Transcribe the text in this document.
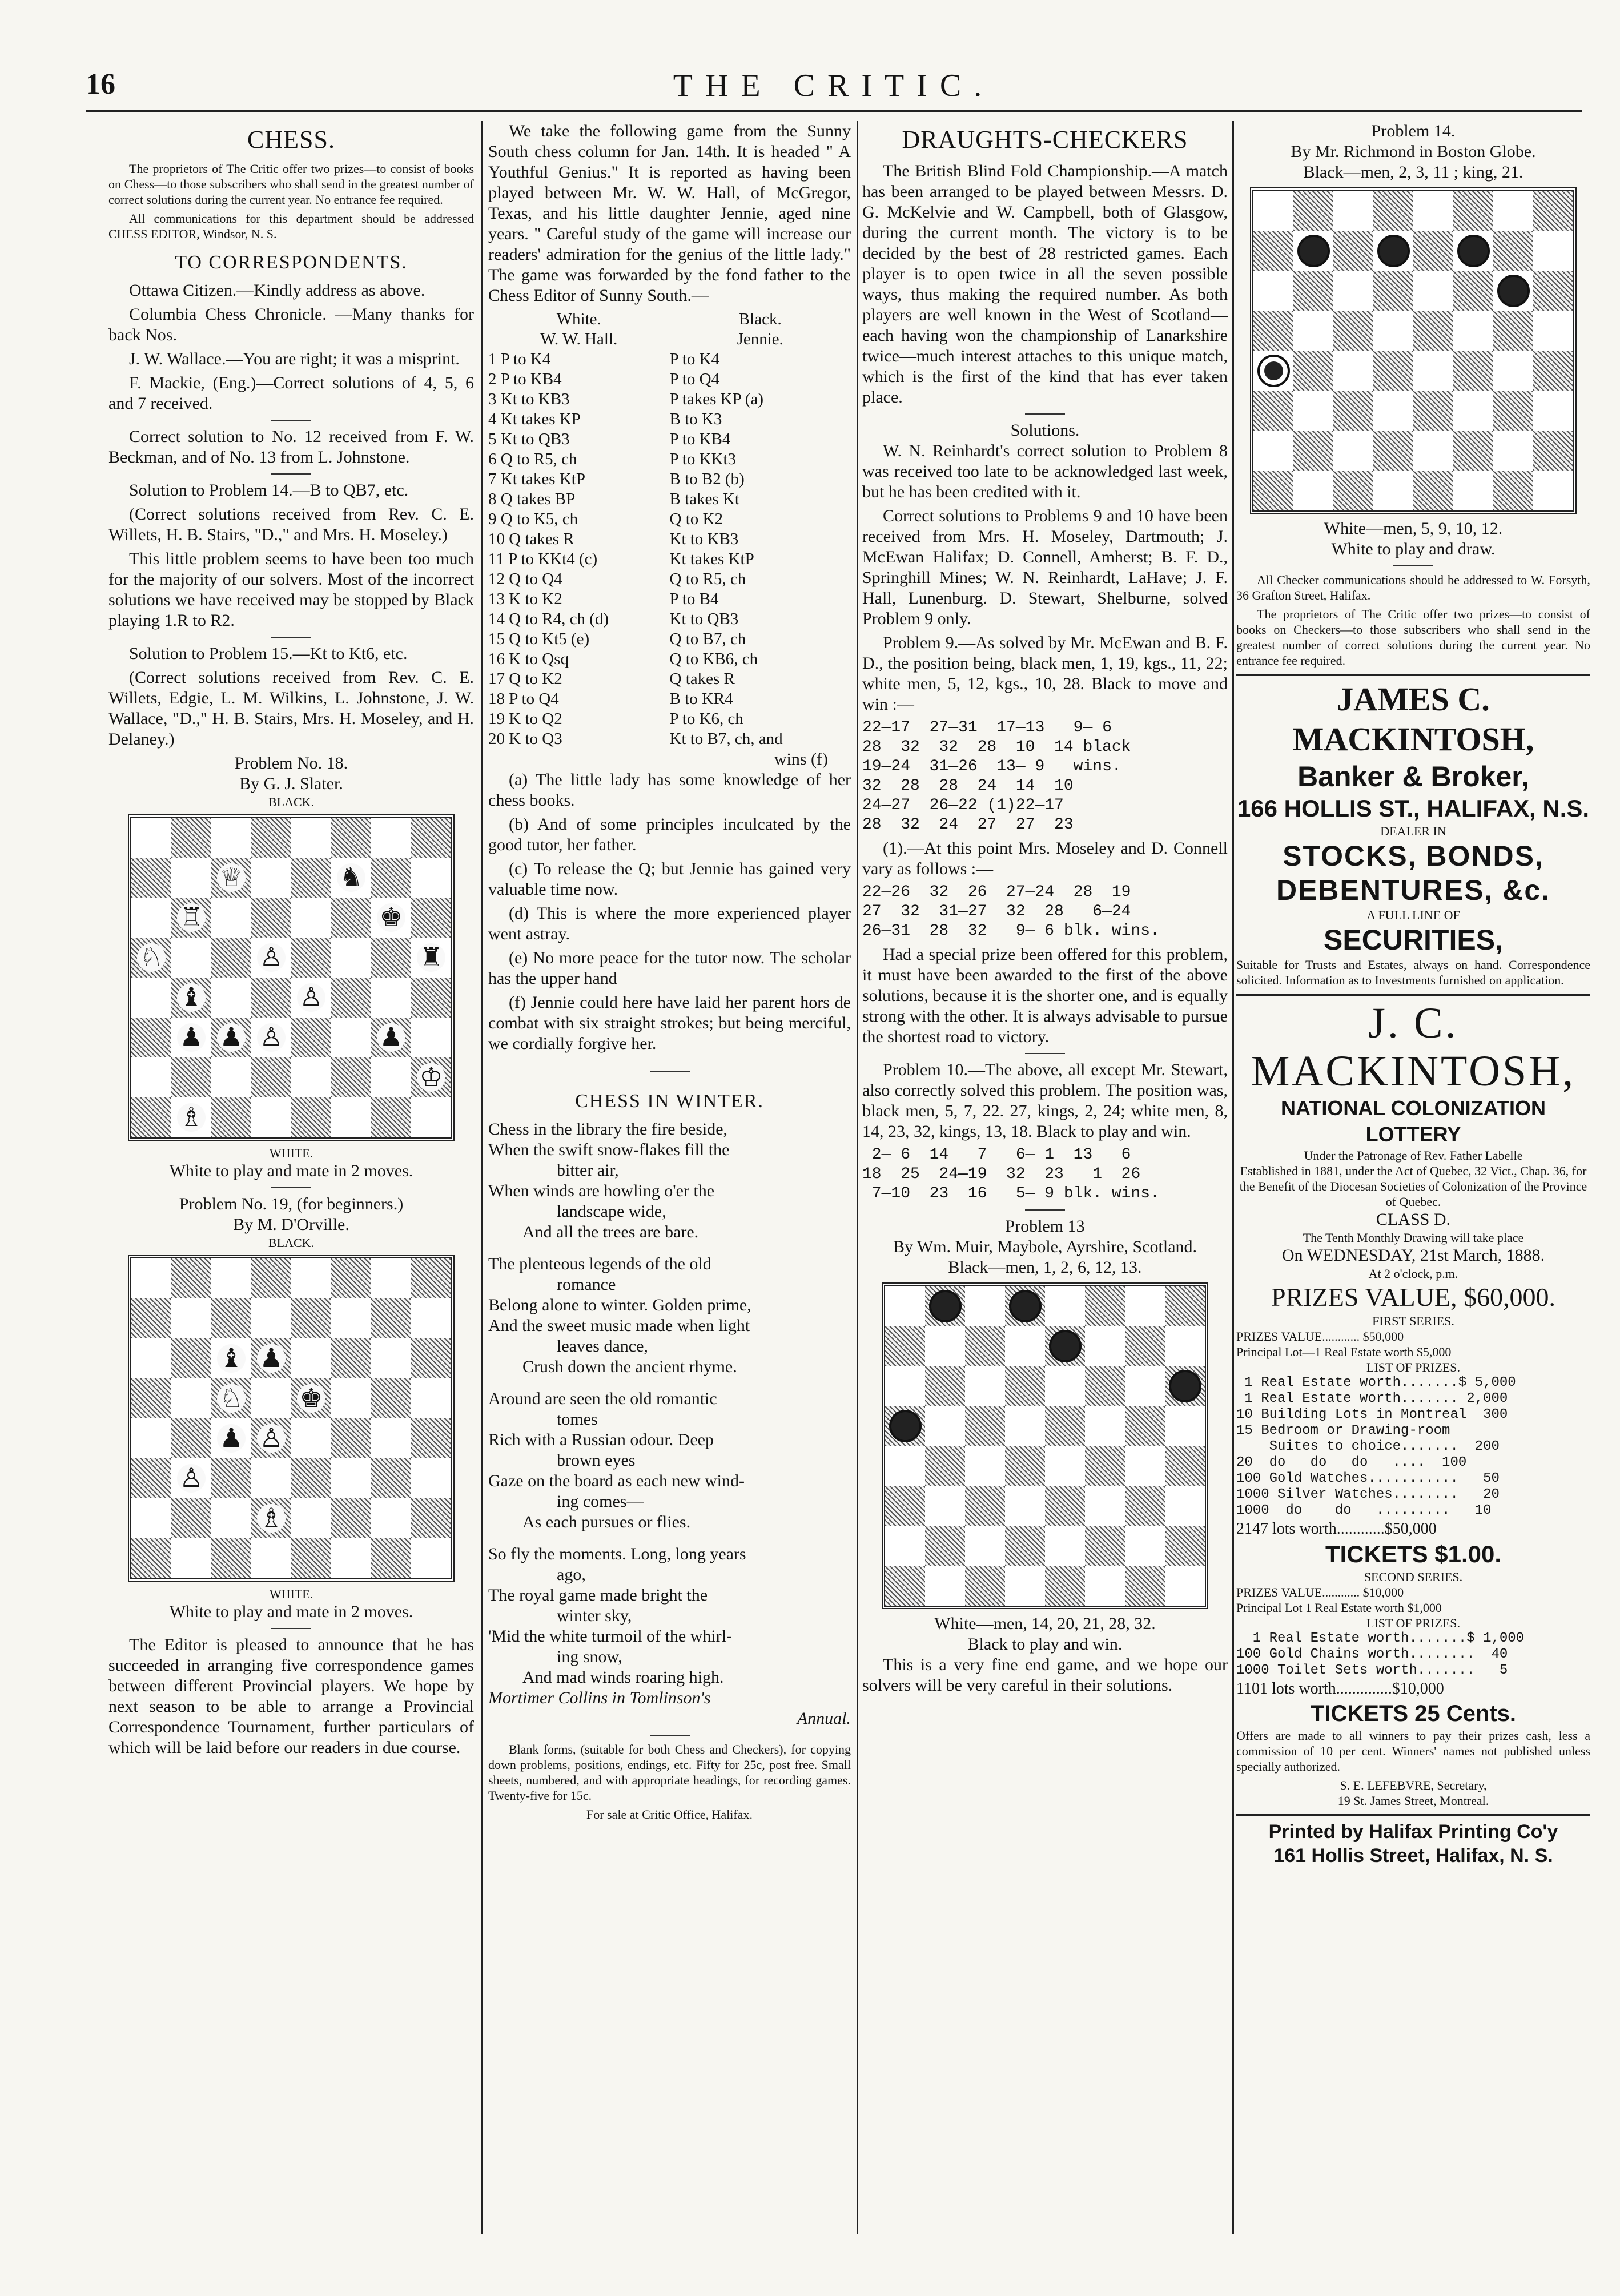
16	THE CRITIC.
CHESS.

The proprietors of The Critic offer two prizes—to consist of books on Chess—to those subscribers who shall send in the greatest number of correct solutions during the current year. No entrance fee required.

All communications for this department should be addressed CHESS EDITOR, Windsor, N. S.

TO CORRESPONDENTS.

Ottawa Citizen.—Kindly address as above.

Columbia Chess Chronicle. —Many thanks for back Nos.

J. W. Wallace.—You are right; it was a misprint.

F. Mackie, (Eng.)—Correct solutions of 4, 5, 6 and 7 received.

Correct solution to No. 12 received from F. W. Beckman, and of No. 13 from L. Johnstone.

Solution to Problem 14.—B to QB7, etc.

(Correct solutions received from Rev. C. E. Willets, H. B. Stairs, "D.," and Mrs. H. Moseley.)

This little problem seems to have been too much for the majority of our solvers. Most of the incorrect solutions we have received may be stopped by Black playing 1.R to R2.

Solution to Problem 15.—Kt to Kt6, etc.

(Correct solutions received from Rev. C. E. Willets, Edgie, L. M. Wilkins, L. Johnstone, J. W. Wallace, "D.," H. B. Stairs, Mrs. H. Moseley, and H. Delaney.)

Problem No. 18.
By G. J. Slater.
BLACK.
♕	♞
♖	♚
♘	♙	♜
♝	♙
♟ ♟ ♙	♟
♔
♗
WHITE.
White to play and mate in 2 moves.
Problem No. 19, (for beginners.)
By M. D'Orville.
BLACK.
♝ ♟
♘ ♚
♟ ♙
♙
♗
WHITE.
White to play and mate in 2 moves.

The Editor is pleased to announce that he has succeeded in arranging five correspondence games between different Provincial players. We hope by next season to be able to arrange a Provincial Correspondence Tournament, further particulars of which will be laid before our readers in due course.

We take the following game from the Sunny South chess column for Jan. 14th. It is headed " A Youthful Genius." It is reported as having been played between Mr. W. W. Hall, of McGregor, Texas, and his little daughter Jennie, aged nine years. " Careful study of the game will increase our readers' admiration for the genius of the little lady." The game was forwarded by the fond father to the Chess Editor of Sunny South.—

White.	Black.
W. W. Hall.	Jennie.
1 P to K4	P to K4
2 P to KB4	P to Q4
3 Kt to KB3	P takes KP (a)
4 Kt takes KP	B to K3
5 Kt to QB3	P to KB4
6 Q to R5, ch	P to KKt3
7 Kt takes KtP	B to B2 (b)
8 Q takes BP	B takes Kt
9 Q to K5, ch	Q to K2
10 Q takes R	Kt to KB3
11 P to KKt4 (c)	Kt takes KtP
12 Q to Q4	Q to R5, ch
13 K to K2	P to B4
14 Q to R4, ch (d)	Kt to QB3
15 Q to Kt5 (e)	Q to B7, ch
16 K to Qsq	Q to KB6, ch
17 Q to K2	Q takes R
18 P to Q4	B to KR4
19 K to Q2	P to K6, ch
20 K to Q3	Kt to B7, ch, and
wins (f)

(a) The little lady has some knowledge of her chess books.

(b) And of some principles inculcated by the good tutor, her father.

(c) To release the Q; but Jennie has gained very valuable time now.

(d) This is where the more experienced player went astray.

(e) No more peace for the tutor now. The scholar has the upper hand

(f) Jennie could here have laid her parent hors de combat with six straight strokes; but being merciful, we cordially forgive her.

CHESS IN WINTER.
Chess in the library the fire beside,
When the swift snow-flakes fill the
bitter air,
When winds are howling o'er the
landscape wide,
And all the trees are bare.
The plenteous legends of the old
romance
Belong alone to winter. Golden prime,
And the sweet music made when light
leaves dance,
Crush down the ancient rhyme.
Around are seen the old romantic
tomes
Rich with a Russian odour. Deep
brown eyes
Gaze on the board as each new wind-
ing comes—
As each pursues or flies.
So fly the moments. Long, long years
ago,
The royal game made bright the
winter sky,
'Mid the white turmoil of the whirl-
ing snow,
And mad winds roaring high.
Mortimer Collins in Tomlinson's
Annual.

Blank forms, (suitable for both Chess and Checkers), for copying down problems, positions, endings, etc. Fifty for 25c, post free. Small sheets, numbered, and with appropriate headings, for recording games. Twenty-five for 15c.

For sale at Critic Office, Halifax.

DRAUGHTS-CHECKERS

The British Blind Fold Championship.—A match has been arranged to be played between Messrs. D. G. McKelvie and W. Campbell, both of Glasgow, during the current month. The victory is to be decided by the best of 28 restricted games. Each player is to open twice in all the seven possible ways, thus making the required number. As both players are well known in the West of Scotland—each having won the championship of Lanarkshire twice—much interest attaches to this unique match, which is the first of the kind that has ever taken place.

Solutions.

W. N. Reinhardt's correct solution to Problem 8 was received too late to be acknowledged last week, but he has been credited with it.

Correct solutions to Problems 9 and 10 have been received from Mrs. H. Moseley, Dartmouth; J. McEwan Halifax; D. Connell, Amherst; B. F. D., Springhill Mines; W. N. Reinhardt, LaHave; J. F. Hall, Lunenburg. D. Stewart, Shelburne, solved Problem 9 only.

Problem 9.—As solved by Mr. McEwan and B. F. D., the position being, black men, 1, 19, kgs., 11, 22; white men, 5, 12, kgs., 10, 28. Black to move and win :—

22—17  27—31  17—13   9— 6
28  32  32  28  10  14 black
19—24  31—26  13— 9   wins.
32  28  28  24  14  10
24—27  26—22 (1)22—17
28  32  24  27  27  23

(1).—At this point Mrs. Moseley and D. Connell vary as follows :—

22—26  32  26  27—24  28  19
27  32  31—27  32  28   6—24
26—31  28  32   9— 6 blk. wins.

Had a special prize been offered for this problem, it must have been awarded to the first of the above solutions, because it is the shorter one, and is equally strong with the other. It is always advisable to pursue the shortest road to victory.

Problem 10.—The above, all except Mr. Stewart, also correctly solved this problem. The position was, black men, 5, 7, 22. 27, kings, 2, 24; white men, 8, 14, 23, 32, kings, 13, 18. Black to play and win.

2— 6  14   7   6— 1  13   6
18  25  24—19  32  23   1  26
7—10  23  16   5— 9 blk. wins.
Problem 13
By Wm. Muir, Maybole, Ayrshire, Scotland.
Black—men, 1, 2, 6, 12, 13.
White—men, 14, 20, 21, 28, 32.
Black to play and win.

This is a very fine end game, and we hope our solvers will be very careful in their solutions.

Problem 14.
By Mr. Richmond in Boston Globe.
Black—men, 2, 3, 11 ; king, 21.
White—men, 5, 9, 10, 12.
White to play and draw.

All Checker communications should be addressed to W. Forsyth, 36 Grafton Street, Halifax.

The proprietors of The Critic offer two prizes—to consist of books on Checkers—to those subscribers who shall send in the greatest number of correct solutions during the current year. No entrance fee required.

JAMES C. MACKINTOSH,
Banker & Broker,
166 HOLLIS ST., HALIFAX, N.S.
DEALER IN
STOCKS, BONDS, DEBENTURES, &c.
A FULL LINE OF
SECURITIES,

Suitable for Trusts and Estates, always on hand. Correspondence solicited. Information as to Investments furnished on application.

J. C. MACKINTOSH,
NATIONAL COLONIZATION LOTTERY
Under the Patronage of Rev. Father Labelle
Established in 1881, under the Act of Quebec, 32 Vict., Chap. 36, for the Benefit of the Diocesan Societies of Colonization of the Province of Quebec.
CLASS D.
The Tenth Monthly Drawing will take place
On WEDNESDAY, 21st March, 1888.
At 2 o'clock, p.m.
PRIZES VALUE, $60,000.
FIRST SERIES.
PRIZES VALUE............ $50,000
Principal Lot—1 Real Estate worth $5,000
LIST OF PRIZES.
1 Real Estate worth.......$ 5,000
1 Real Estate worth....... 2,000
10 Building Lots in Montreal  300
15 Bedroom or Drawing-room
Suites to choice.......  200
20  do   do   do   ....  100
100 Gold Watches...........   50
1000 Silver Watches........   20
1000  do    do   .........   10
2147 lots worth............$50,000
TICKETS $1.00.
SECOND SERIES.
PRIZES VALUE............ $10,000
Principal Lot 1 Real Estate worth $1,000
LIST OF PRIZES.
1 Real Estate worth.......$ 1,000
100 Gold Chains worth........  40
1000 Toilet Sets worth.......   5
1101 lots worth..............$10,000
TICKETS 25 Cents.

Offers are made to all winners to pay their prizes cash, less a commission of 10 per cent. Winners' names not published unless specially authorized.

S. E. LEFEBVRE, Secretary,
19 St. James Street, Montreal.
Printed by Halifax Printing Co'y
161 Hollis Street, Halifax, N. S.
